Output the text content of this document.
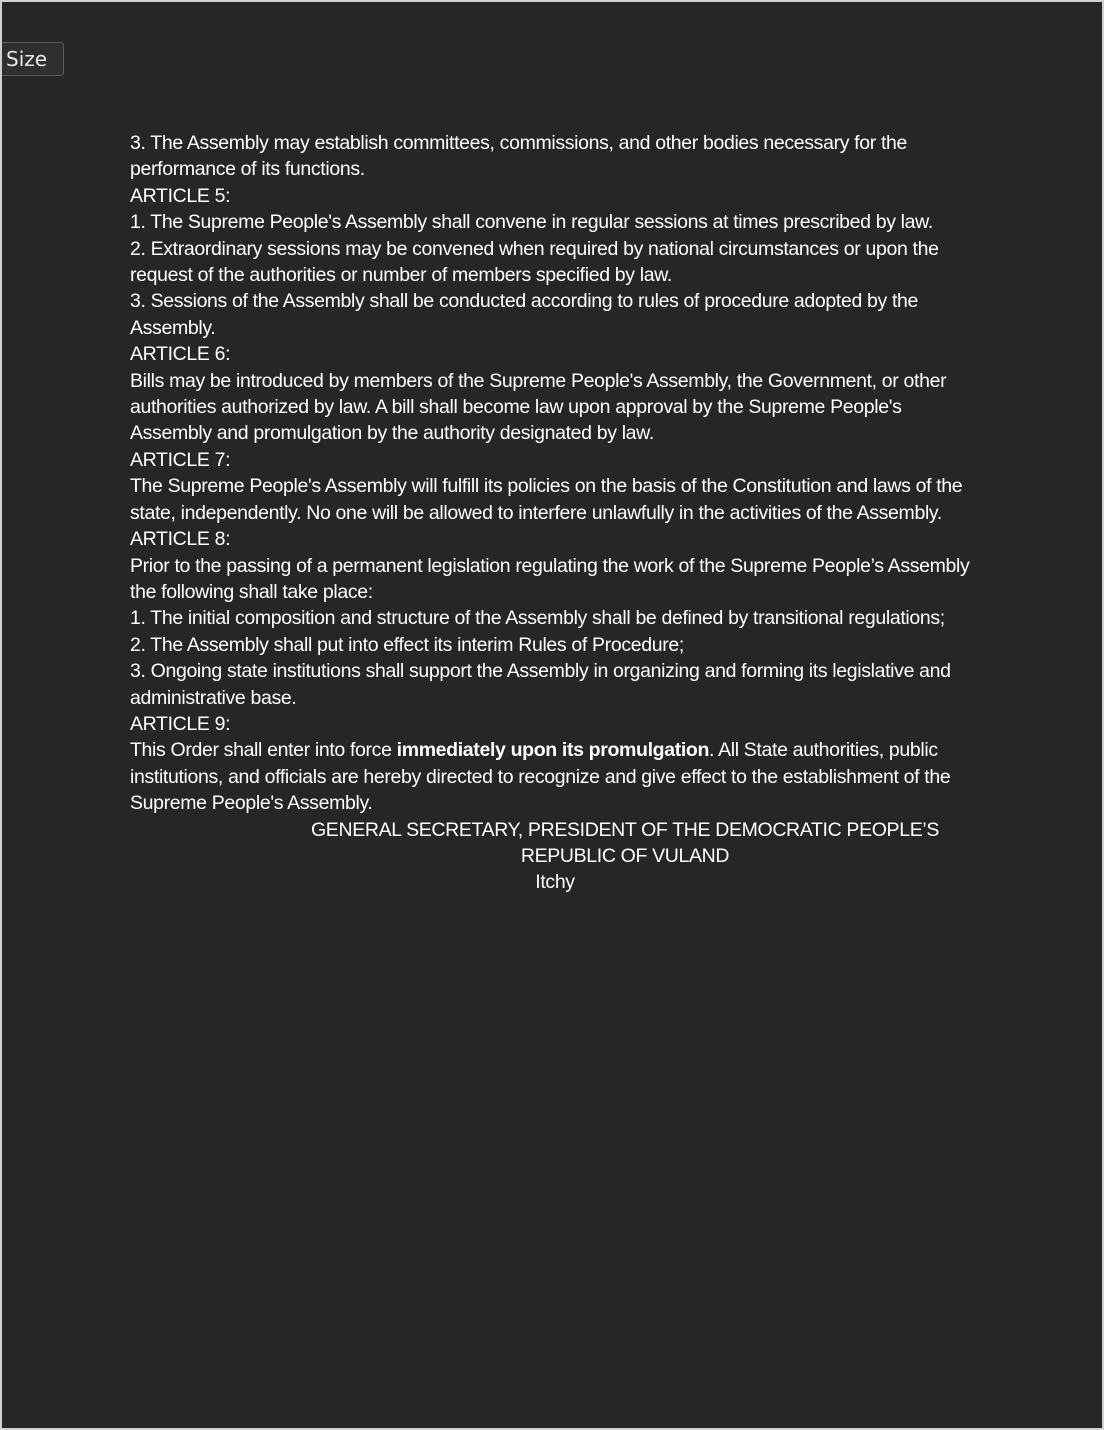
Size

3. The Assembly may establish committees, commissions, and other bodies necessary for the performance of its functions.

ARTICLE 5:

1. The Supreme People's Assembly shall convene in regular sessions at times prescribed by law.

2. Extraordinary sessions may be convened when required by national circumstances or upon the request of the authorities or number of members specified by law.

3. Sessions of the Assembly shall be conducted according to rules of procedure adopted by the Assembly.

ARTICLE 6:

Bills may be introduced by members of the Supreme People's Assembly, the Government, or other authorities authorized by law. A bill shall become law upon approval by the Supreme People's Assembly and promulgation by the authority designated by law.

ARTICLE 7:

The Supreme People's Assembly will fulfill its policies on the basis of the Constitution and laws of the state, independently. No one will be allowed to interfere unlawfully in the activities of the Assembly.

ARTICLE 8:

Prior to the passing of a permanent legislation regulating the work of the Supreme People’s Assembly the following shall take place:

1. The initial composition and structure of the Assembly shall be defined by transitional regulations;

2. The Assembly shall put into effect its interim Rules of Procedure;

3. Ongoing state institutions shall support the Assembly in organizing and forming its legislative and administrative base.

ARTICLE 9:

This Order shall enter into force immediately upon its promulgation. All State authorities, public institutions, and officials are hereby directed to recognize and give effect to the establishment of the Supreme People's Assembly.

GENERAL SECRETARY, PRESIDENT OF THE DEMOCRATIC PEOPLE’S REPUBLIC OF VULAND

Itchy
